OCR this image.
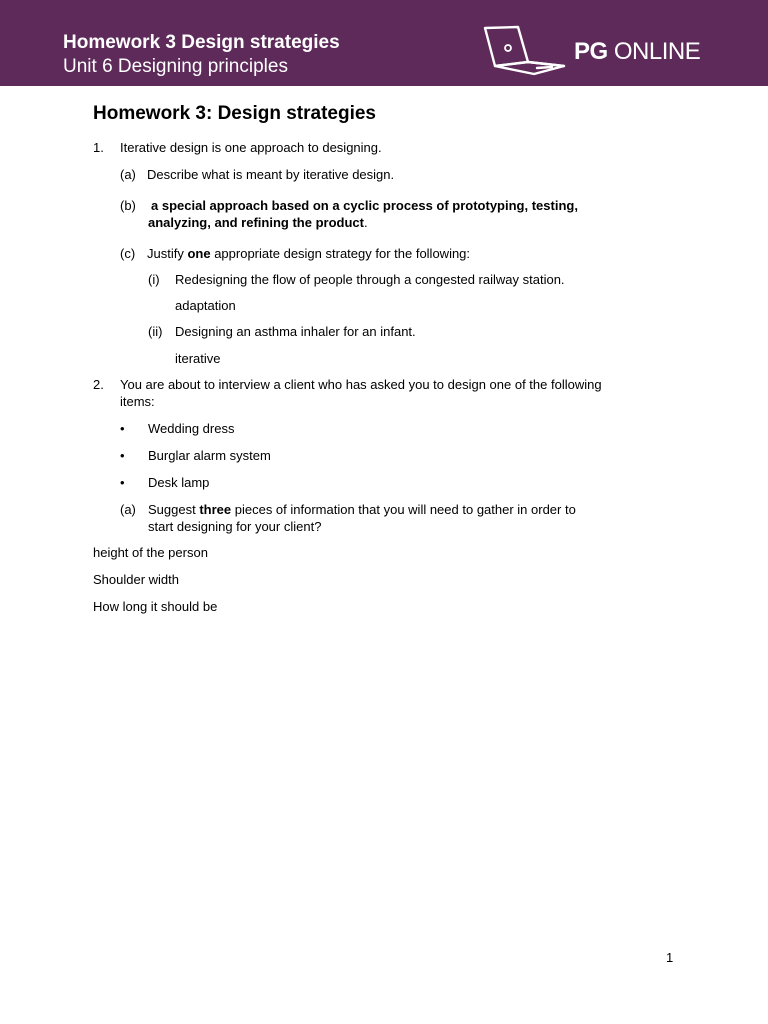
Homework 3 Design strategies
Unit 6 Designing principles
PG ONLINE
Homework 3: Design strategies
1. Iterative design is one approach to designing.
(a) Describe what is meant by iterative design.
(b) a special approach based on a cyclic process of prototyping, testing,
analyzing, and refining the product.
(c) Justify one appropriate design strategy for the following:
(i) Redesigning the flow of people through a congested railway station.
adaptation
(ii) Designing an asthma inhaler for an infant.
iterative
2. You are about to interview a client who has asked you to design one of the following
items:
• Wedding dress
• Burglar alarm system
• Desk lamp
(a) Suggest three pieces of information that you will need to gather in order to
start designing for your client?
height of the person
Shoulder width
How long it should be
1
